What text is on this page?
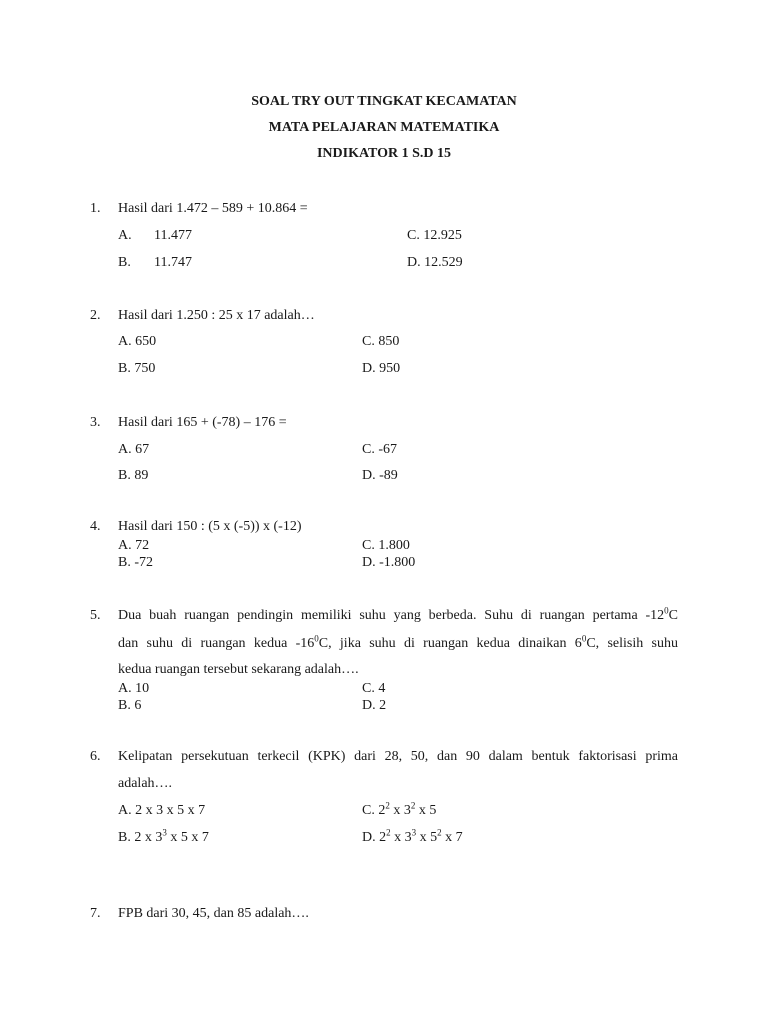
SOAL TRY OUT TINGKAT KECAMATAN
MATA PELAJARAN MATEMATIKA
INDIKATOR 1 S.D 15
1. Hasil dari 1.472 – 589 + 10.864 =
A. 11.477
B. 11.747
C. 12.925
D. 12.529
2. Hasil dari 1.250 : 25 x 17 adalah…
A. 650
B. 750
C. 850
D. 950
3. Hasil dari 165 + (-78) – 176 =
A. 67
B. 89
C. -67
D. -89
4. Hasil dari 150 : (5 x (-5)) x (-12)
A. 72
B. -72
C. 1.800
D. -1.800
5. Dua buah ruangan pendingin memiliki suhu yang berbeda. Suhu di ruangan pertama $-12^0C$
dan suhu di ruangan kedua $-16^0C$, jika suhu di ruangan kedua dinaikan $6^0C$, selisih suhu
kedua ruangan tersebut sekarang adalah….
A. 10
B. 6
C. 4
D. 2
6. Kelipatan persekutuan terkecil (KPK) dari 28, 50, dan 90 dalam bentuk faktorisasi prima
adalah….
A. 2 x 3 x 5 x 7
B. 2 x $3^3$ x 5 x 7
C. $2^2$ x $3^2$ x 5
D. $2^2$ x $3^3$ x $5^2$ x 7
7. FPB dari 30, 45, dan 85 adalah….
